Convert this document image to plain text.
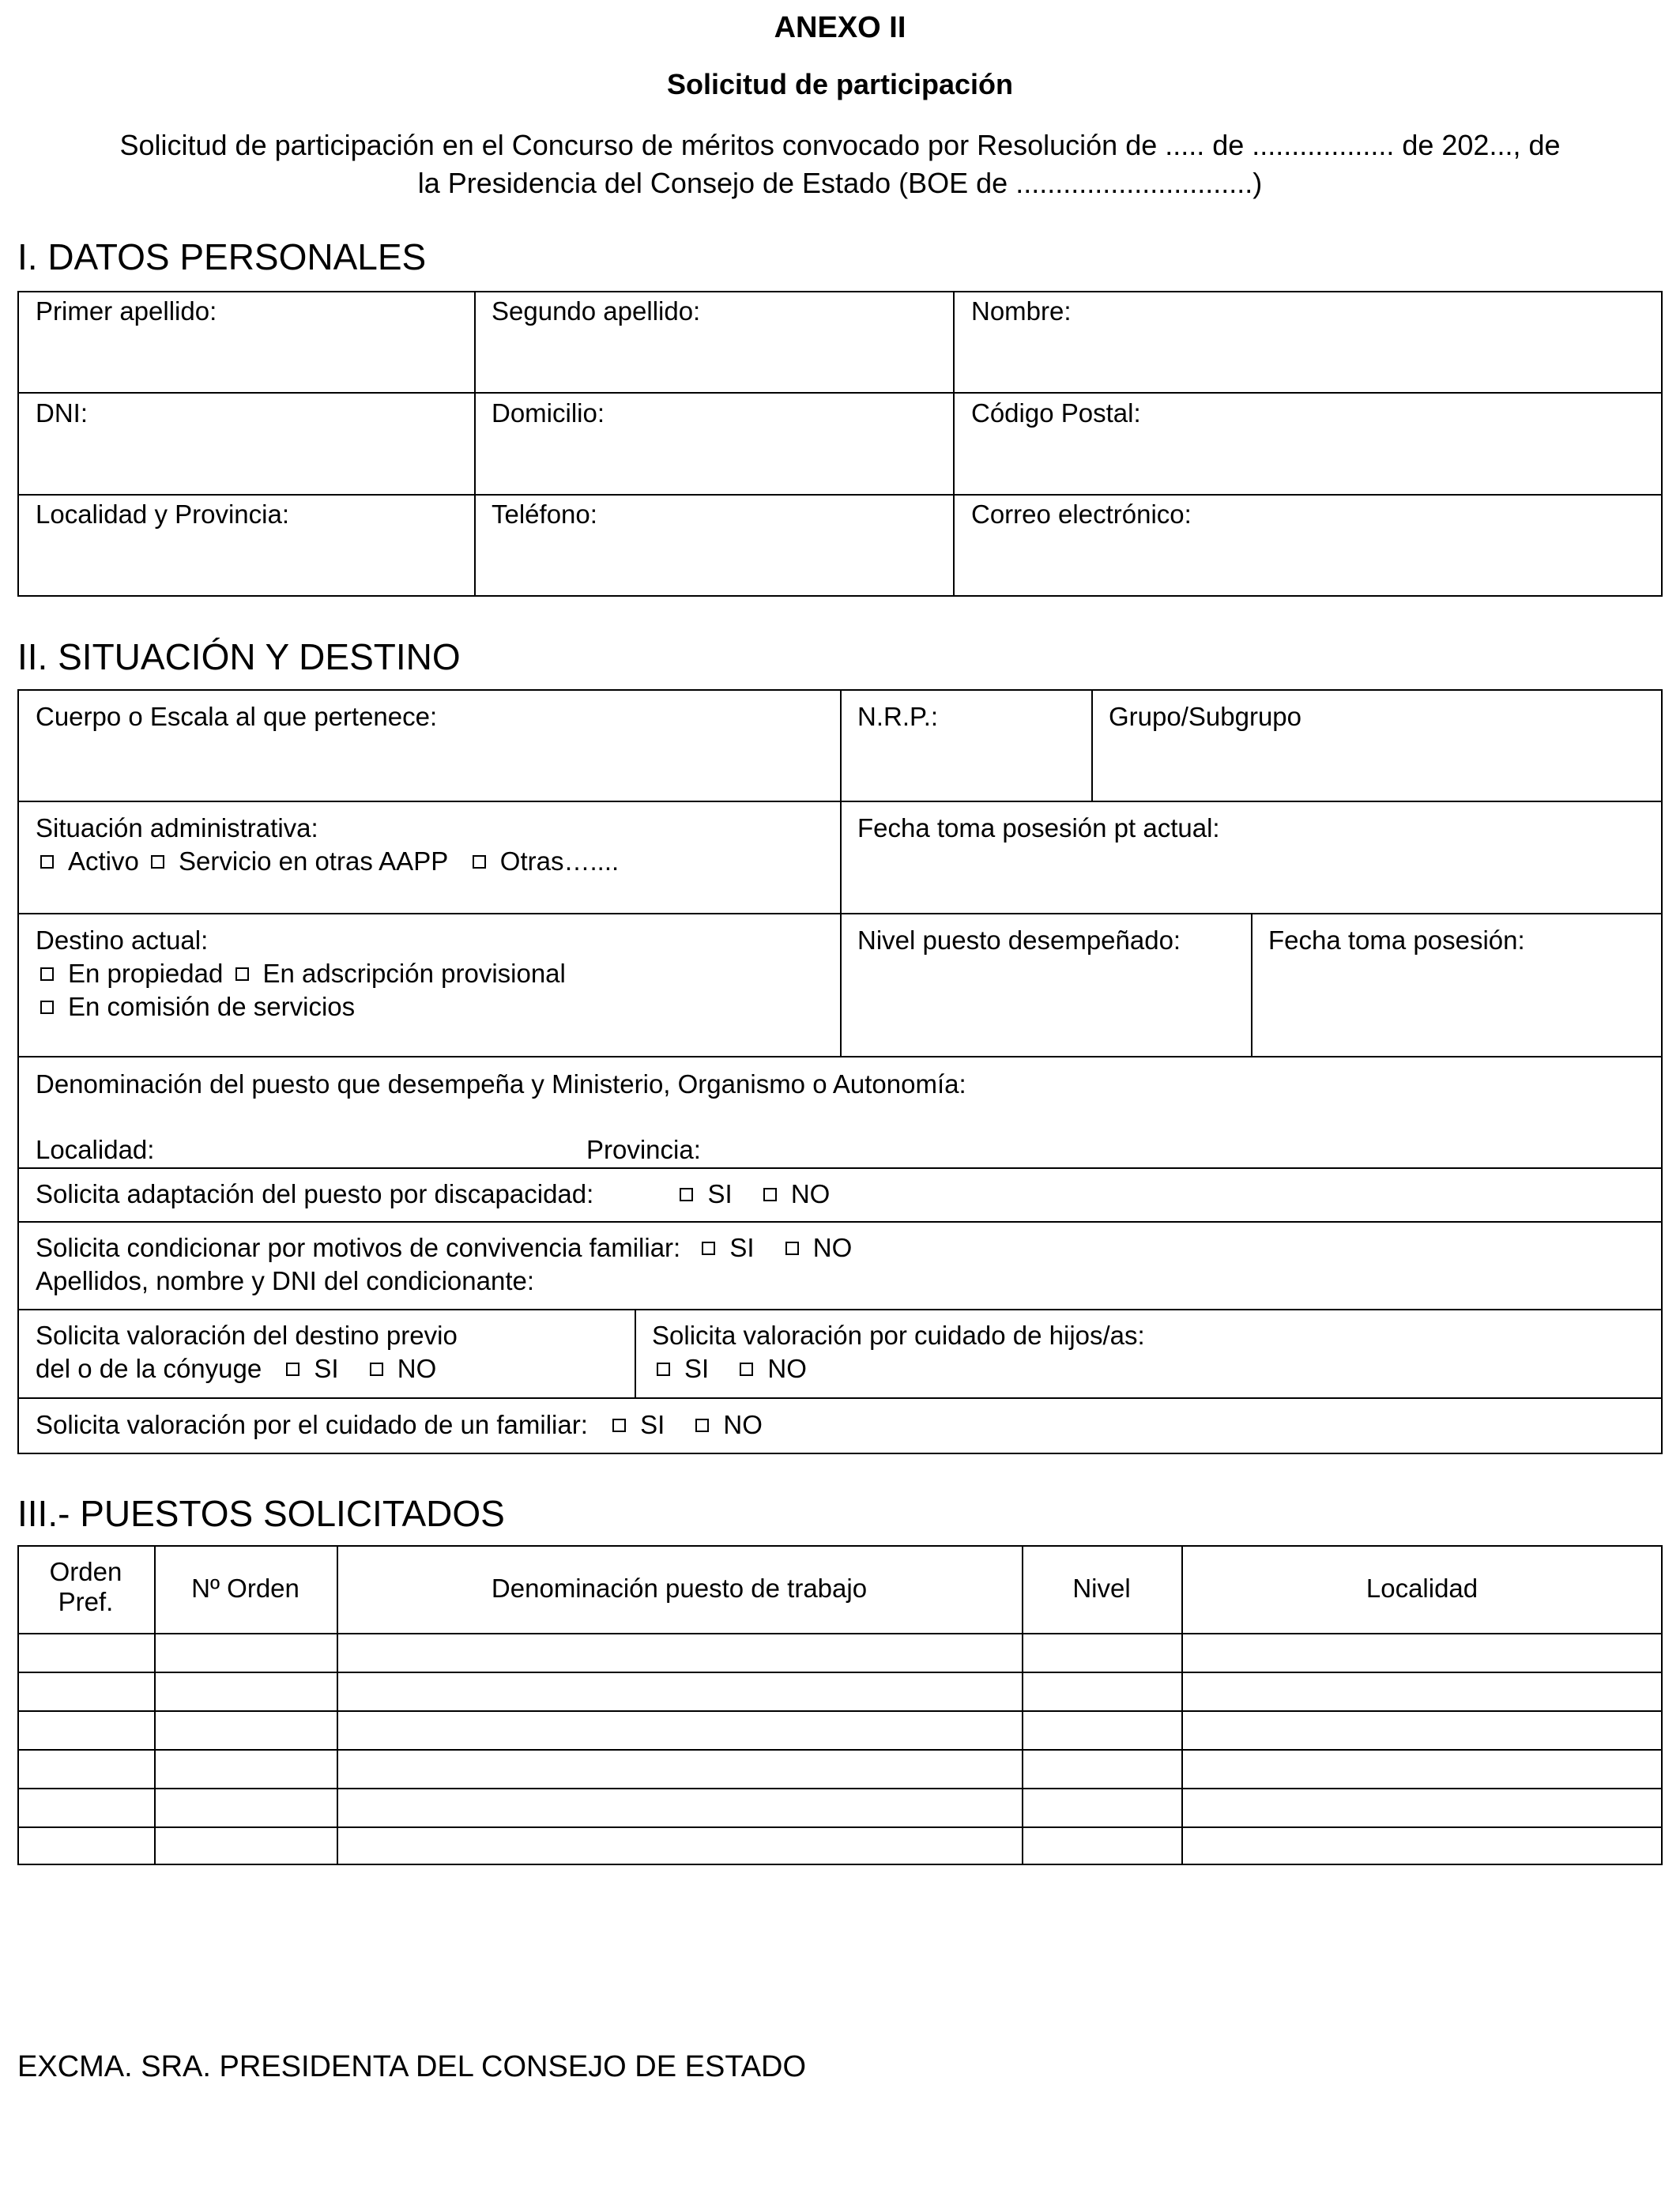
ANEXO II
Solicitud de participación
Solicitud de participación en el Concurso de méritos convocado por Resolución de ..... de .................. de 202..., de
la Presidencia del Consejo de Estado (BOE de ..............................)
I. DATOS PERSONALES
Primer apellido:	Segundo apellido:	Nombre:
DNI:	Domicilio:	Código Postal:
Localidad y Provincia:	Teléfono:	Correo electrónico:
II. SITUACIÓN Y DESTINO
Cuerpo o Escala al que pertenece:	N.R.P.:	Grupo/Subgrupo
Situación administrativa:
Activo Servicio en otras AAPP Otras…....
Fecha toma posesión pt actual:
Destino actual:
En propiedad En adscripción provisional
En comisión de servicios
Nivel puesto desempeñado:	Fecha toma posesión:
Denominación del puesto que desempeña y Ministerio, Organismo o Autonomía:
Localidad:	Provincia:
Solicita adaptación del puesto por discapacidad:	SI NO
Solicita condicionar por motivos de convivencia familiar: SI NO
Apellidos, nombre y DNI del condicionante:
Solicita valoración del destino previo
del o de la cónyuge SI NO
Solicita valoración por cuidado de hijos/as:
SI NO
Solicita valoración por el cuidado de un familiar: SI NO
III.- PUESTOS SOLICITADOS
Orden
Pref.	Nº Orden	Denominación puesto de trabajo	Nivel	Localidad
EXCMA. SRA. PRESIDENTA DEL CONSEJO DE ESTADO
